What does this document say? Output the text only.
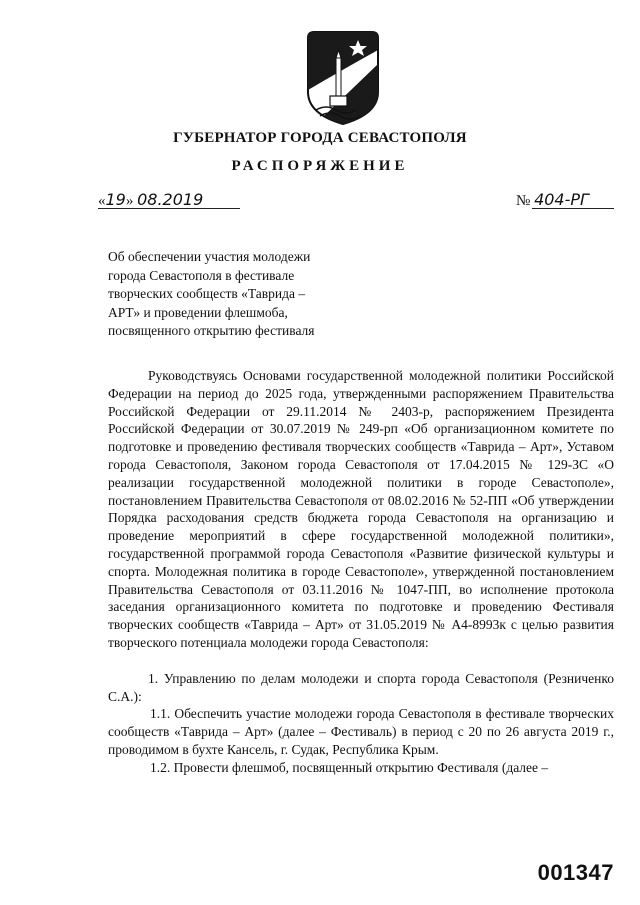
ГУБЕРНАТОР ГОРОДА СЕВАСТОПОЛЯ
РАСПОРЯЖЕНИЕ
«19» 08.2019	№ 404-РГ
Об обеспечении участия молодежи
города Севастополя в фестивале
творческих сообществ «Таврида –
АРТ» и проведении флешмоба,
посвященного открытию фестиваля

Руководствуясь Основами государственной молодежной политики Российской Федерации на период до 2025 года, утвержденными распоряжением Правительства Российской Федерации от 29.11.2014 № 2403-р, распоряжением Президента Российской Федерации от 30.07.2019 № 249-рп «Об организационном комитете по подготовке и проведению фестиваля творческих сообществ «Таврида – Арт», Уставом города Севастополя, Законом города Севастополя от 17.04.2015 № 129-ЗС «О реализации государственной молодежной политики в городе Севастополе», постановлением Правительства Севастополя от 08.02.2016 № 52-ПП «Об утверждении Порядка расходования средств бюджета города Севастополя на организацию и проведение мероприятий в сфере государственной молодежной политики», государственной программой города Севастополя «Развитие физической культуры и спорта. Молодежная политика в городе Севастополе», утвержденной постановлением Правительства Севастополя от 03.11.2016 № 1047-ПП, во исполнение протокола заседания организационного комитета по подготовке и проведению Фестиваля творческих сообществ «Таврида – Арт» от 31.05.2019 № А4-8993к с целью развития творческого потенциала молодежи города Севастополя:

1. Управлению по делам молодежи и спорта города Севастополя (Резниченко С.А.):

1.1. Обеспечить участие молодежи города Севастополя в фестивале творческих сообществ «Таврида – Арт» (далее – Фестиваль) в период с 20 по 26 августа 2019 г., проводимом в бухте Кансель, г. Судак, Республика Крым.

1.2. Провести флешмоб, посвященный открытию Фестиваля (далее –

001347
